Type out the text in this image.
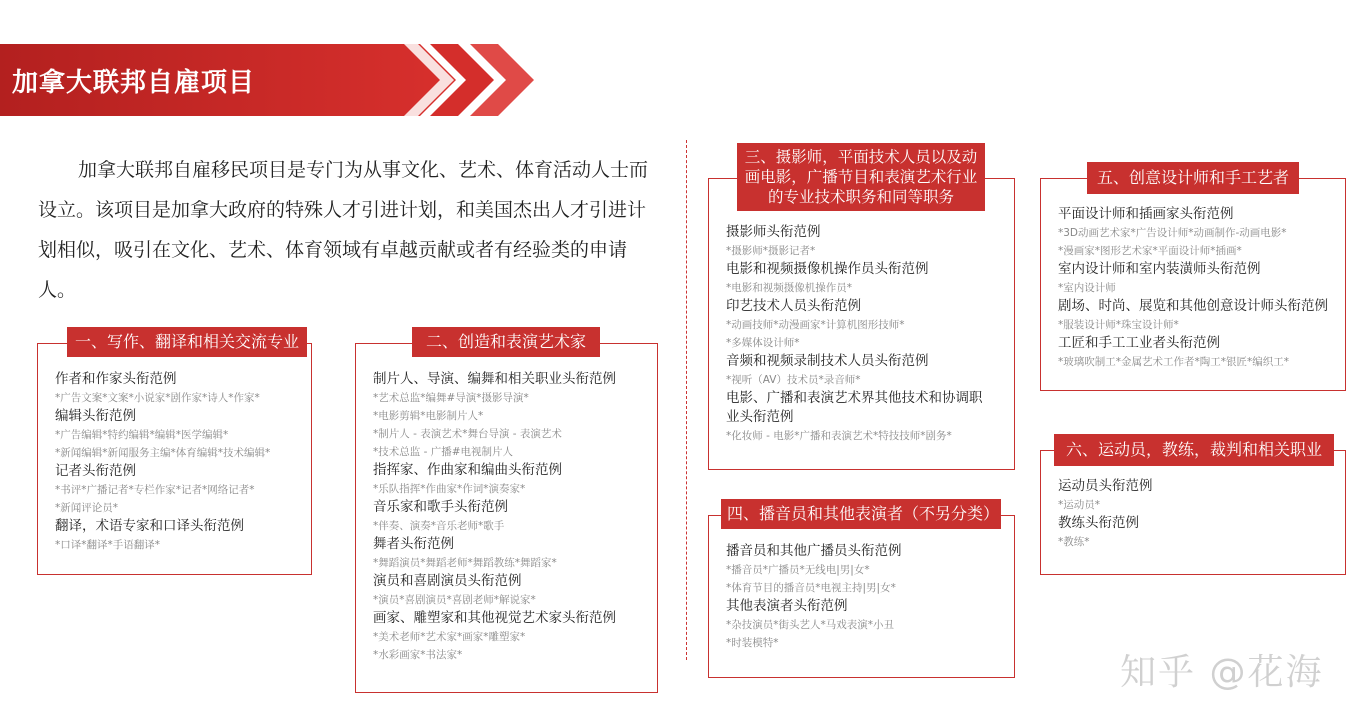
加拿大联邦自雇项目

加拿大联邦自雇移民项目是专门为从事文化、艺术、体育活动人士而设立。该项目是加拿大政府的特殊人才引进计划，和美国杰出人才引进计划相似，吸引在文化、艺术、体育领域有卓越贡献或者有经验类的申请人。

作者和作家头衔范例
*广告文案*文案*小说家*剧作家*诗人*作家*
编辑头衔范例
*广告编辑*特约编辑*编辑*医学编辑*
*新闻编辑*新闻服务主编*体育编辑*技术编辑*
记者头衔范例
*书评*广播记者*专栏作家*记者*网络记者*
*新闻评论员*
翻译，术语专家和口译头衔范例
*口译*翻译*手语翻译*
一、写作、翻译和相关交流专业
制片人、导演、编舞和相关职业头衔范例
*艺术总监*编舞#导演*摄影导演*
*电影剪辑*电影制片人*
*制片人 - 表演艺术*舞台导演 - 表演艺术
*技术总监 - 广播#电视制片人
指挥家、作曲家和编曲头衔范例
*乐队指挥*作曲家*作词*演奏家*
音乐家和歌手头衔范例
*伴奏、演奏*音乐老师*歌手
舞者头衔范例
*舞蹈演员*舞蹈老师*舞蹈教练*舞蹈家*
演员和喜剧演员头衔范例
*演员*喜剧演员*喜剧老师*解说家*
画家、雕塑家和其他视觉艺术家头衔范例
*美术老师*艺术家*画家*雕塑家*
*水彩画家*书法家*
二、创造和表演艺术家
摄影师头衔范例
*摄影师*摄影记者*
电影和视频摄像机操作员头衔范例
*电影和视频摄像机操作员*
印艺技术人员头衔范例
*动画技师*动漫画家*计算机图形技师*
*多媒体设计师*
音频和视频录制技术人员头衔范例
*视听（AV）技术员*录音师*
电影、广播和表演艺术界其他技术和协调职业头衔范例
*化妆师 - 电影*广播和表演艺术*特技技师*剧务*
三、摄影师，平面技术人员以及动画电影，广播节目和表演艺术行业的专业技术职务和同等职务
播音员和其他广播员头衔范例
*播音员*广播员*无线电|男|女*
*体育节目的播音员*电视主持|男|女*
其他表演者头衔范例
*杂技演员*街头艺人*马戏表演*小丑
*时装模特*
四、播音员和其他表演者（不另分类）
平面设计师和插画家头衔范例
*3D动画艺术家*广告设计师*动画制作-动画电影*
*漫画家*图形艺术家*平面设计师*插画*
室内设计师和室内装潢师头衔范例
*室内设计师
剧场、时尚、展览和其他创意设计师头衔范例
*服装设计师*珠宝设计师*
工匠和手工工业者头衔范例
*玻璃吹制工*金属艺术工作者*陶工*银匠*编织工*
五、创意设计师和手工艺者
运动员头衔范例
*运动员*
教练头衔范例
*教练*
六、运动员，教练，裁判和相关职业
知乎 @花海
